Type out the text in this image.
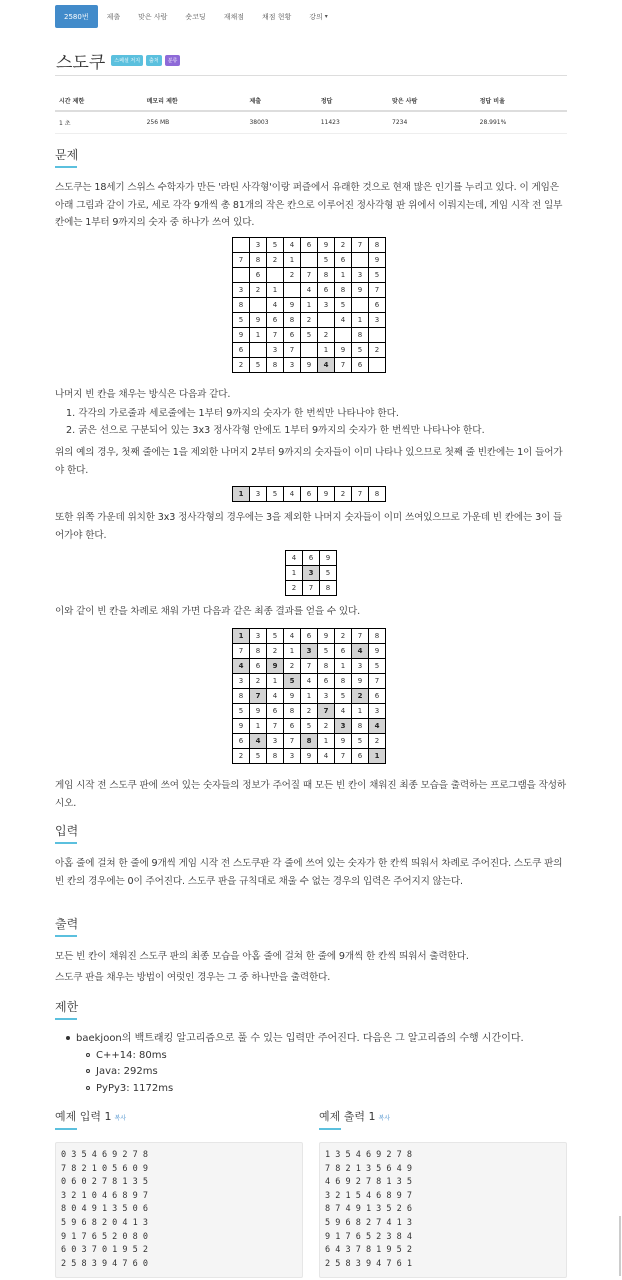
2580번	제출	맞은 사람	숏코딩	재채점	채점 현황	강의 ▾
스도쿠	스페셜 저지	출처	분류
시간 제한	메모리 제한	제출	정답	맞은 사람	정답 비율
1 초	256 MB	38003	11423	7234	28.991%
문제
스도쿠는 18세기 스위스 수학자가 만든 '라틴 사각형'이랑 퍼즐에서 유래한 것으로 현재 많은 인기를 누리고 있다. 이 게임은 아래 그림과 같이 가로, 세로 각각 9개씩 총 81개의 작은 칸으로 이루어진 정사각형 판 위에서 이뤄지는데, 게임 시작 전 일부 칸에는 1부터 9까지의 숫자 중 하나가 쓰여 있다.
	3	5	4	6	9	2	7	8
7	8	2	1		5	6		9
	6		2	7	8	1	3	5
3	2	1		4	6	8	9	7
8		4	9	1	3	5		6
5	9	6	8	2		4	1	3
9	1	7	6	5	2		8	
6		3	7		1	9	5	2
2	5	8	3	9	4	7	6	
나머지 빈 칸을 채우는 방식은 다음과 같다.
1. 각각의 가로줄과 세로줄에는 1부터 9까지의 숫자가 한 번씩만 나타나야 한다.
2. 굵은 선으로 구분되어 있는 3x3 정사각형 안에도 1부터 9까지의 숫자가 한 번씩만 나타나야 한다.
위의 예의 경우, 첫째 줄에는 1을 제외한 나머지 2부터 9까지의 숫자들이 이미 나타나 있으므로 첫째 줄 빈칸에는 1이 들어가야 한다.
1	3	5	4	6	9	2	7	8
또한 위쪽 가운데 위치한 3x3 정사각형의 경우에는 3을 제외한 나머지 숫자들이 이미 쓰여있으므로 가운데 빈 칸에는 3이 들어가야 한다.
4	6	9
1	3	5
2	7	8
이와 같이 빈 칸을 차례로 채워 가면 다음과 같은 최종 결과를 얻을 수 있다.
1	3	5	4	6	9	2	7	8
7	8	2	1	3	5	6	4	9
4	6	9	2	7	8	1	3	5
3	2	1	5	4	6	8	9	7
8	7	4	9	1	3	5	2	6
5	9	6	8	2	7	4	1	3
9	1	7	6	5	2	3	8	4
6	4	3	7	8	1	9	5	2
2	5	8	3	9	4	7	6	1
게임 시작 전 스도쿠 판에 쓰여 있는 숫자들의 정보가 주어질 때 모든 빈 칸이 채워진 최종 모습을 출력하는 프로그램을 작성하시오.
입력
아홉 줄에 걸쳐 한 줄에 9개씩 게임 시작 전 스도쿠판 각 줄에 쓰여 있는 숫자가 한 칸씩 띄워서 차례로 주어진다. 스도쿠 판의 빈 칸의 경우에는 0이 주어진다. 스도쿠 판을 규칙대로 채울 수 없는 경우의 입력은 주어지지 않는다.
출력
모든 빈 칸이 채워진 스도쿠 판의 최종 모습을 아홉 줄에 걸쳐 한 줄에 9개씩 한 칸씩 띄워서 출력한다.
스도쿠 판을 채우는 방법이 여럿인 경우는 그 중 하나만을 출력한다.
제한
baekjoon의 백트래킹 알고리즘으로 풀 수 있는 입력만 주어진다. 다음은 그 알고리즘의 수행 시간이다.
C++14: 80ms
Java: 292ms
PyPy3: 1172ms
예제 입력 1 복사
0 3 5 4 6 9 2 7 8
7 8 2 1 0 5 6 0 9
0 6 0 2 7 8 1 3 5
3 2 1 0 4 6 8 9 7
8 0 4 9 1 3 5 0 6
5 9 6 8 2 0 4 1 3
9 1 7 6 5 2 0 8 0
6 0 3 7 0 1 9 5 2
2 5 8 3 9 4 7 6 0
예제 출력 1 복사
1 3 5 4 6 9 2 7 8
7 8 2 1 3 5 6 4 9
4 6 9 2 7 8 1 3 5
3 2 1 5 4 6 8 9 7
8 7 4 9 1 3 5 2 6
5 9 6 8 2 7 4 1 3
9 1 7 6 5 2 3 8 4
6 4 3 7 8 1 9 5 2
2 5 8 3 9 4 7 6 1
